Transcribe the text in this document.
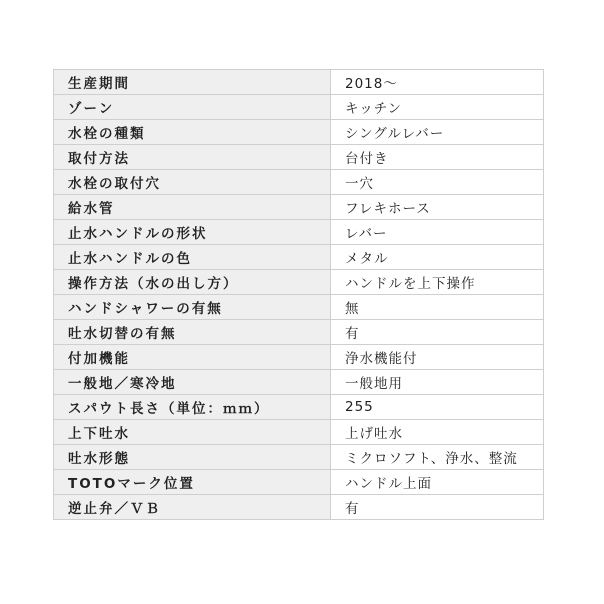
生産期間	2018～
ゾーン	キッチン
水栓の種類	シングルレバー
取付方法	台付き
水栓の取付穴	一穴
給水管	フレキホース
止水ハンドルの形状	レバー
止水ハンドルの色	メタル
操作方法（水の出し方）	ハンドルを上下操作
ハンドシャワーの有無	無
吐水切替の有無	有
付加機能	浄水機能付
一般地／寒冷地	一般地用
スパウト長さ（単位：ｍｍ）	255
上下吐水	上げ吐水
吐水形態	ミクロソフト、浄水、整流
TOTOマーク位置	ハンドル上面
逆止弁／ＶＢ	有
